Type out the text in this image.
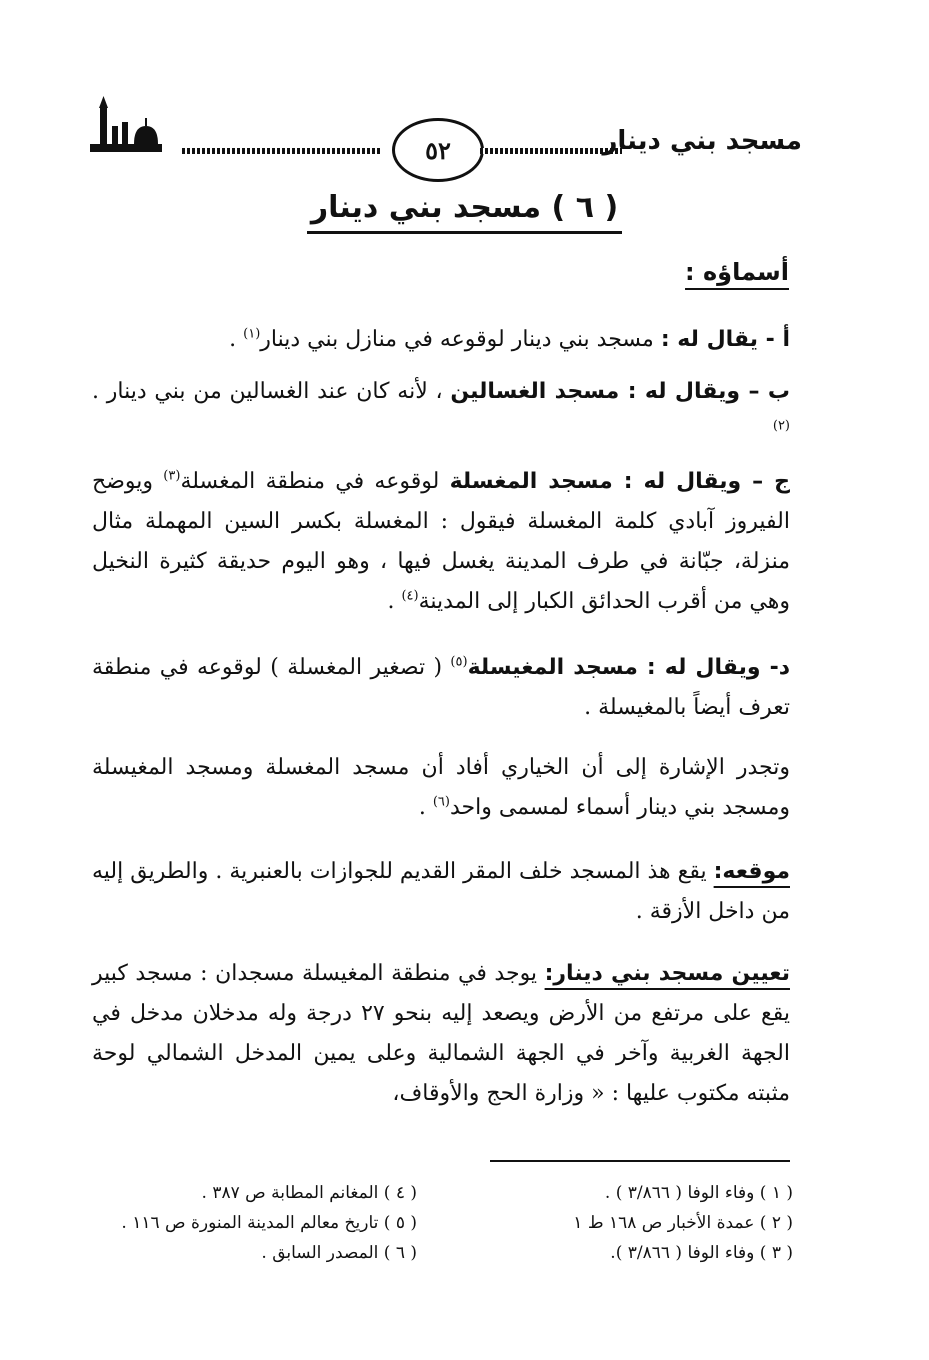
٥٢	مسجد بني دينار
( ٦ ) مسجد بني دينار
أسماؤه :
أ - يقال له : مسجد بني دينار لوقوعه في منازل بني دينار$^{(١)}$ .
ب – ويقال له : مسجد الغسالين ، لأنه كان عند الغسالين من بني دينار .$^{(٢)}$
ج – ويقال له : مسجد المغسلة لوقوعه في منطقة المغسلة$^{(٣)}$ ويوضح الفيروز آبادي كلمة المغسلة فيقول : المغسلة بكسر السين المهملة مثال منزلة، جبّانة في طرف المدينة يغسل فيها ، وهو اليوم حديقة كثيرة النخيل وهي من أقرب الحدائق الكبار إلى المدينة$^{(٤)}$ .
د- ويقال له : مسجد المغيسلة$^{(٥)}$ ( تصغير المغسلة ) لوقوعه في منطقة تعرف أيضاً بالمغيسلة .
وتجدر الإشارة إلى أن الخياري أفاد أن مسجد المغسلة ومسجد المغيسلة ومسجد بني دينار أسماء لمسمى واحد$^{(٦)}$ .
موقعه: يقع هذ المسجد خلف المقر القديم للجوازات بالعنبرية . والطريق إليه من داخل الأزقة .
تعيين مسجد بني دينار: يوجد في منطقة المغيسلة مسجدان : مسجد كبير يقع على مرتفع من الأرض ويصعد إليه بنحو ٢٧ درجة وله مدخلان مدخل في الجهة الغربية وآخر في الجهة الشمالية وعلى يمين المدخل الشمالي لوحة مثبته مكتوب عليها : « وزارة الحج والأوقاف،
( ١ ) وفاء الوفا ( ٣/٨٦٦ ) .
( ٢ ) عمدة الأخبار ص ١٦٨ ط ١
( ٣ ) وفاء الوفا ( ٣/٨٦٦ ).
( ٤ ) المغانم المطابة ص ٣٨٧ .
( ٥ ) تاريخ معالم المدينة المنورة ص ١١٦ .
( ٦ ) المصدر السابق .
